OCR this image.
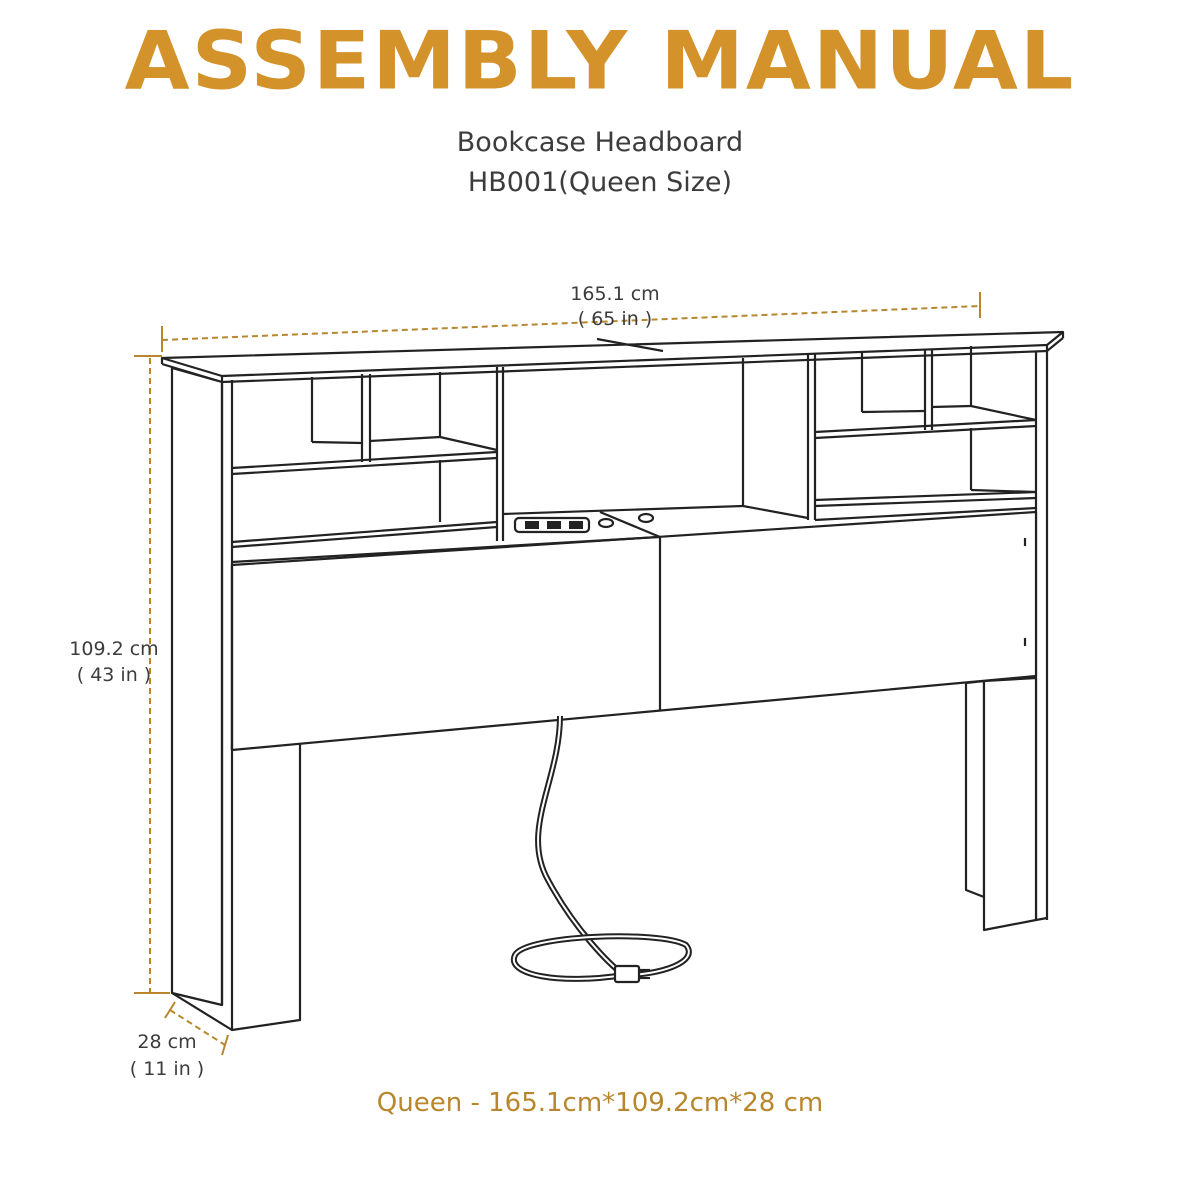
ASSEMBLY MANUAL
Bookcase Headboard
HB001(Queen Size)
165.1 cm
( 65 in )
109.2 cm
( 43 in )
28 cm
( 11 in )
Queen - 165.1cm*109.2cm*28 cm
